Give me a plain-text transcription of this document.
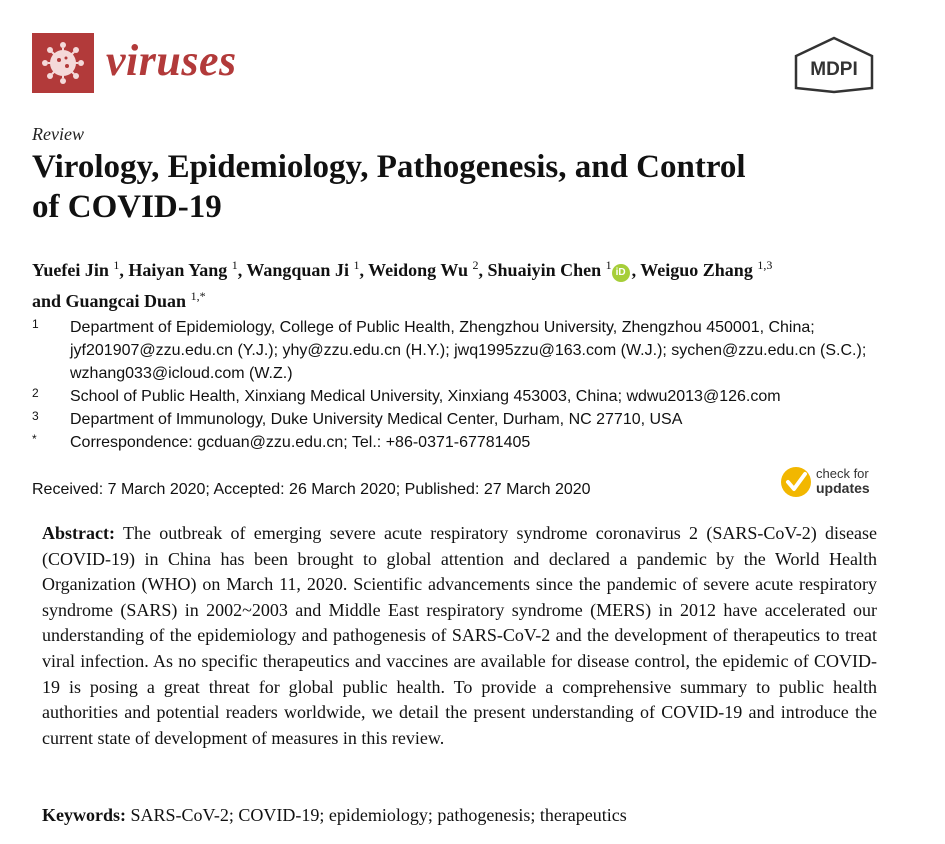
viruses	MDPI
Review
Virology, Epidemiology, Pathogenesis, and Control
of COVID-19
Yuefei Jin $^1$, Haiyan Yang $^1$, Wangquan Ji $^1$, Weidong Wu $^2$, Shuaiyin Chen $^1$iD , Weiguo Zhang $^{1,3}$
and Guangcai Duan $^{1,*}$
1 Department of Epidemiology, College of Public Health, Zhengzhou University, Zhengzhou 450001, China;
jyf201907@zzu.edu.cn (Y.J.); yhy@zzu.edu.cn (H.Y.); jwq1995zzu@163.com (W.J.); sychen@zzu.edu.cn (S.C.);
wzhang033@icloud.com (W.Z.)
2 School of Public Health, Xinxiang Medical University, Xinxiang 453003, China; wdwu2013@126.com
3 Department of Immunology, Duke University Medical Center, Durham, NC 27710, USA
* Correspondence: gcduan@zzu.edu.cn; Tel.: +86-0371-67781405
Received: 7 March 2020; Accepted: 26 March 2020; Published: 27 March 2020
check for
updates
Abstract: The outbreak of emerging severe acute respiratory syndrome coronavirus 2 (SARS-CoV-2) disease (COVID-19) in China has been brought to global attention and declared a pandemic by the World Health Organization (WHO) on March 11, 2020. Scientific advancements since the pandemic of severe acute respiratory syndrome (SARS) in 2002~2003 and Middle East respiratory syndrome (MERS) in 2012 have accelerated our understanding of the epidemiology and pathogenesis of SARS-CoV-2 and the development of therapeutics to treat viral infection. As no specific therapeutics and vaccines are available for disease control, the epidemic of COVID-19 is posing a great threat for global public health. To provide a comprehensive summary to public health authorities and potential readers worldwide, we detail the present understanding of COVID-19 and introduce the current state of development of measures in this review.
Keywords: SARS-CoV-2; COVID-19; epidemiology; pathogenesis; therapeutics
